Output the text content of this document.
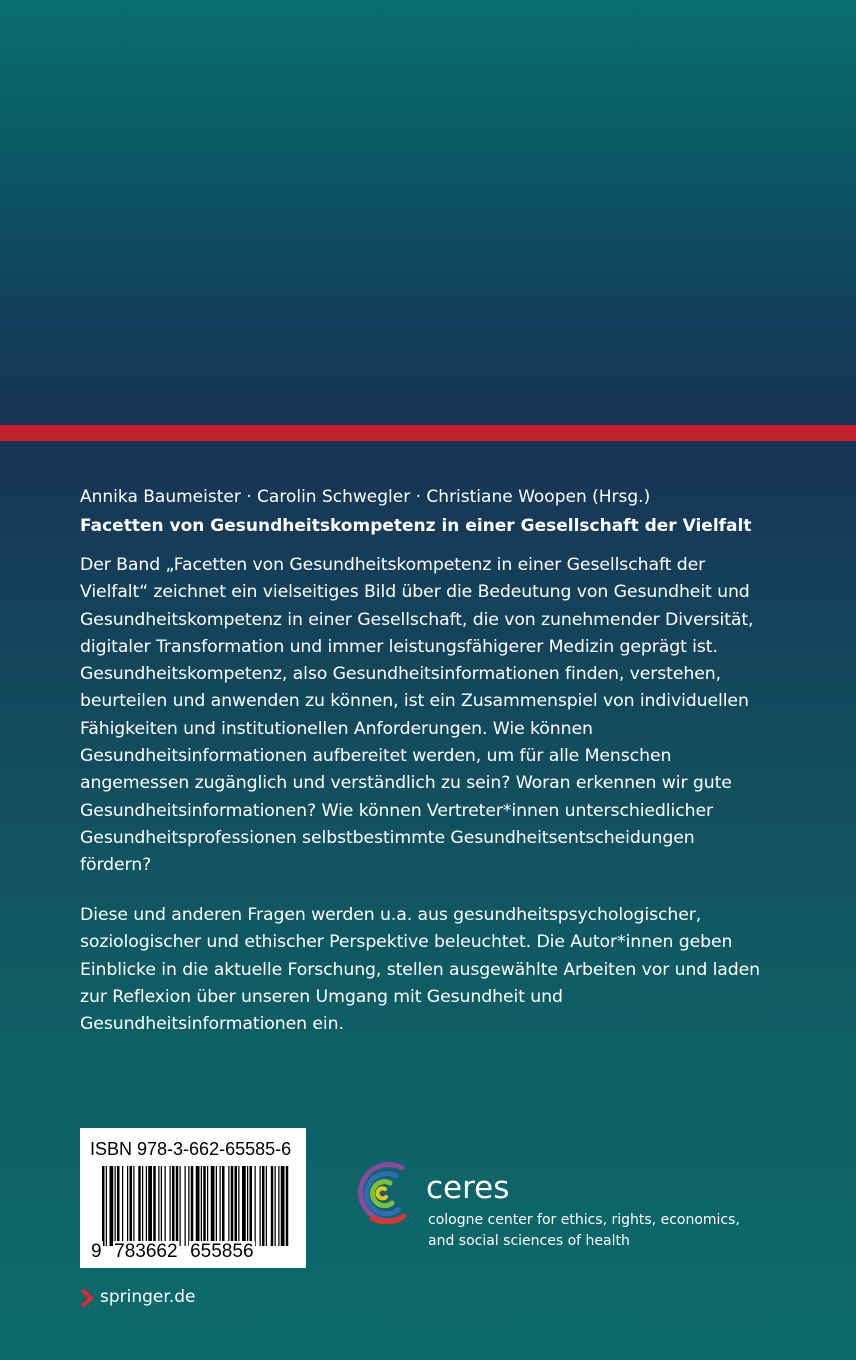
Annika Baumeister · Carolin Schwegler · Christiane Woopen (Hrsg.)
Facetten von Gesundheitskompetenz in einer Gesellschaft der Vielfalt
Der Band „Facetten von Gesundheitskompetenz in einer Gesellschaft der Vielfalt“ zeichnet ein vielseitiges Bild über die Bedeutung von Gesundheit und Gesundheitskompetenz in einer Gesellschaft, die von zunehmender Diversität, digitaler Transformation und immer leistungsfähigerer Medizin geprägt ist. Gesundheitskompetenz, also Gesundheitsinformationen finden, verstehen, beurteilen und anwenden zu können, ist ein Zusammenspiel von individuellen Fähigkeiten und institutionellen Anforderungen. Wie können Gesundheitsinformationen aufbereitet werden, um für alle Menschen angemessen zugänglich und verständlich zu sein? Woran erkennen wir gute Gesundheitsinformationen? Wie können Vertreter*innen unterschiedlicher Gesundheitsprofessionen selbstbestimmte Gesundheitsentscheidungen fördern?
Diese und anderen Fragen werden u.a. aus gesundheitspsychologischer, soziologischer und ethischer Perspektive beleuchtet. Die Autor*innen geben Einblicke in die aktuelle Forschung, stellen ausgewählte Arbeiten vor und laden zur Reflexion über unseren Umgang mit Gesundheit und Gesundheitsinformationen ein.
ISBN 978-3-662-65585-6
9 783662 655856
ceres
cologne center for ethics, rights, economics, and social sciences of health
springer.de
